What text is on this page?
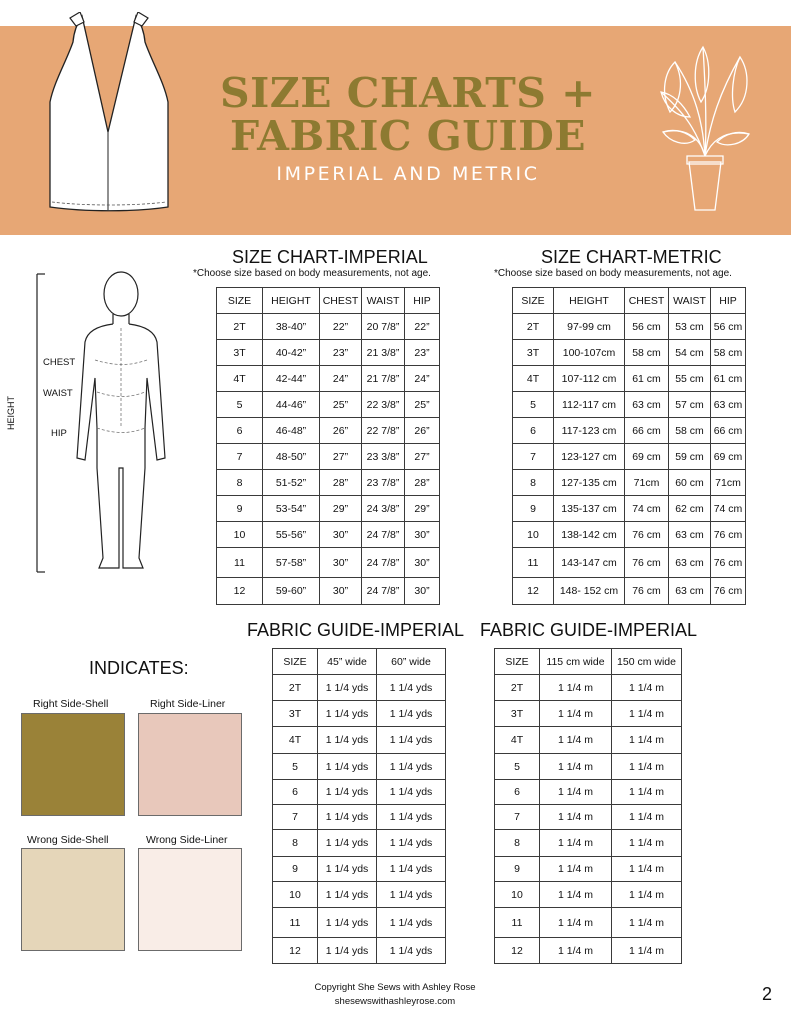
SIZE CHARTS +
FABRIC GUIDE
IMPERIAL AND METRIC
CHEST
WAIST
HIP
HEIGHT
SIZE CHART-IMPERIAL
*Choose size based on body measurements, not age.
SIZE	HEIGHT	CHEST	WAIST	HIP
2T	38-40”	22”	20 7/8”	22”
3T	40-42”	23”	21 3/8”	23”
4T	42-44”	24”	21 7/8”	24”
5	44-46”	25”	22 3/8”	25”
6	46-48”	26”	22 7/8”	26”
7	48-50”	27”	23 3/8”	27”
8	51-52”	28”	23 7/8”	28”
9	53-54”	29”	24 3/8”	29”
10	55-56”	30”	24 7/8”	30”
11	57-58”	30”	24 7/8”	30”
12	59-60”	30”	24 7/8”	30”
SIZE CHART-METRIC
*Choose size based on body measurements, not age.
SIZE	HEIGHT	CHEST	WAIST	HIP
2T	97-99 cm	56 cm	53 cm	56 cm
3T	100-107cm	58 cm	54 cm	58 cm
4T	107-112 cm	61 cm	55 cm	61 cm
5	112-117 cm	63 cm	57 cm	63 cm
6	117-123 cm	66 cm	58 cm	66 cm
7	123-127 cm	69 cm	59 cm	69 cm
8	127-135 cm	71cm	60 cm	71cm
9	135-137 cm	74 cm	62 cm	74 cm
10	138-142 cm	76 cm	63 cm	76 cm
11	143-147 cm	76 cm	63 cm	76 cm
12	148- 152 cm	76 cm	63 cm	76 cm
INDICATES:
Right Side-Shell	Right Side-Liner
Wrong Side-Shell	Wrong Side-Liner
FABRIC GUIDE-IMPERIAL
SIZE	45” wide	60” wide
2T	1 1/4 yds	1 1/4 yds
3T	1 1/4 yds	1 1/4 yds
4T	1 1/4 yds	1 1/4 yds
5	1 1/4 yds	1 1/4 yds
6	1 1/4 yds	1 1/4 yds
7	1 1/4 yds	1 1/4 yds
8	1 1/4 yds	1 1/4 yds
9	1 1/4 yds	1 1/4 yds
10	1 1/4 yds	1 1/4 yds
11	1 1/4 yds	1 1/4 yds
12	1 1/4 yds	1 1/4 yds
FABRIC GUIDE-IMPERIAL
SIZE	115 cm wide	150 cm wide
2T	1 1/4 m	1 1/4 m
3T	1 1/4 m	1 1/4 m
4T	1 1/4 m	1 1/4 m
5	1 1/4 m	1 1/4 m
6	1 1/4 m	1 1/4 m
7	1 1/4 m	1 1/4 m
8	1 1/4 m	1 1/4 m
9	1 1/4 m	1 1/4 m
10	1 1/4 m	1 1/4 m
11	1 1/4 m	1 1/4 m
12	1 1/4 m	1 1/4 m
Copyright She Sews with Ashley Rose
shesewswithashleyrose.com	2
